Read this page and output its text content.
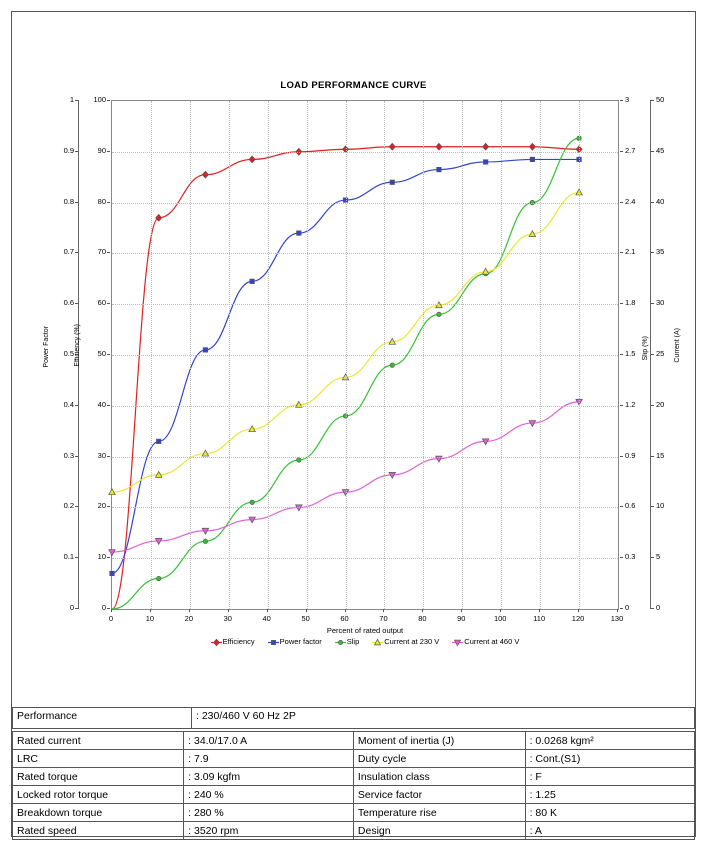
LOAD PERFORMANCE CURVE
0
0.1
0.2
0.3
0.4
0.5
0.6
0.7
0.8
0.9
1
Power Factor
0
10
20
30
40
50
60
70
80
90
100
Efficiency (%)
0
0.3
0.6
0.9
1.2
1.5
1.8
2.1
2.4
2.7
3
Slip (%)
0
5
10
15
20
25
30
35
40
45
50
Current (A)
0	10	20	30	40	50	60	70	80	90	100	110	120	130
Percent of rated output
Efficiency	Power factor	Slip	Current at 230 V	Current at 460 V
Performance	: 230/460 V 60 Hz 2P
Rated current	: 34.0/17.0 A	Moment of inertia (J)	: 0.0268 kgm²
LRC	: 7.9	Duty cycle	: Cont.(S1)
Rated torque	: 3.09 kgfm	Insulation class	: F
Locked rotor torque	: 240 %	Service factor	: 1.25
Breakdown torque	: 280 %	Temperature rise	: 80 K
Rated speed	: 3520 rpm	Design	: A
